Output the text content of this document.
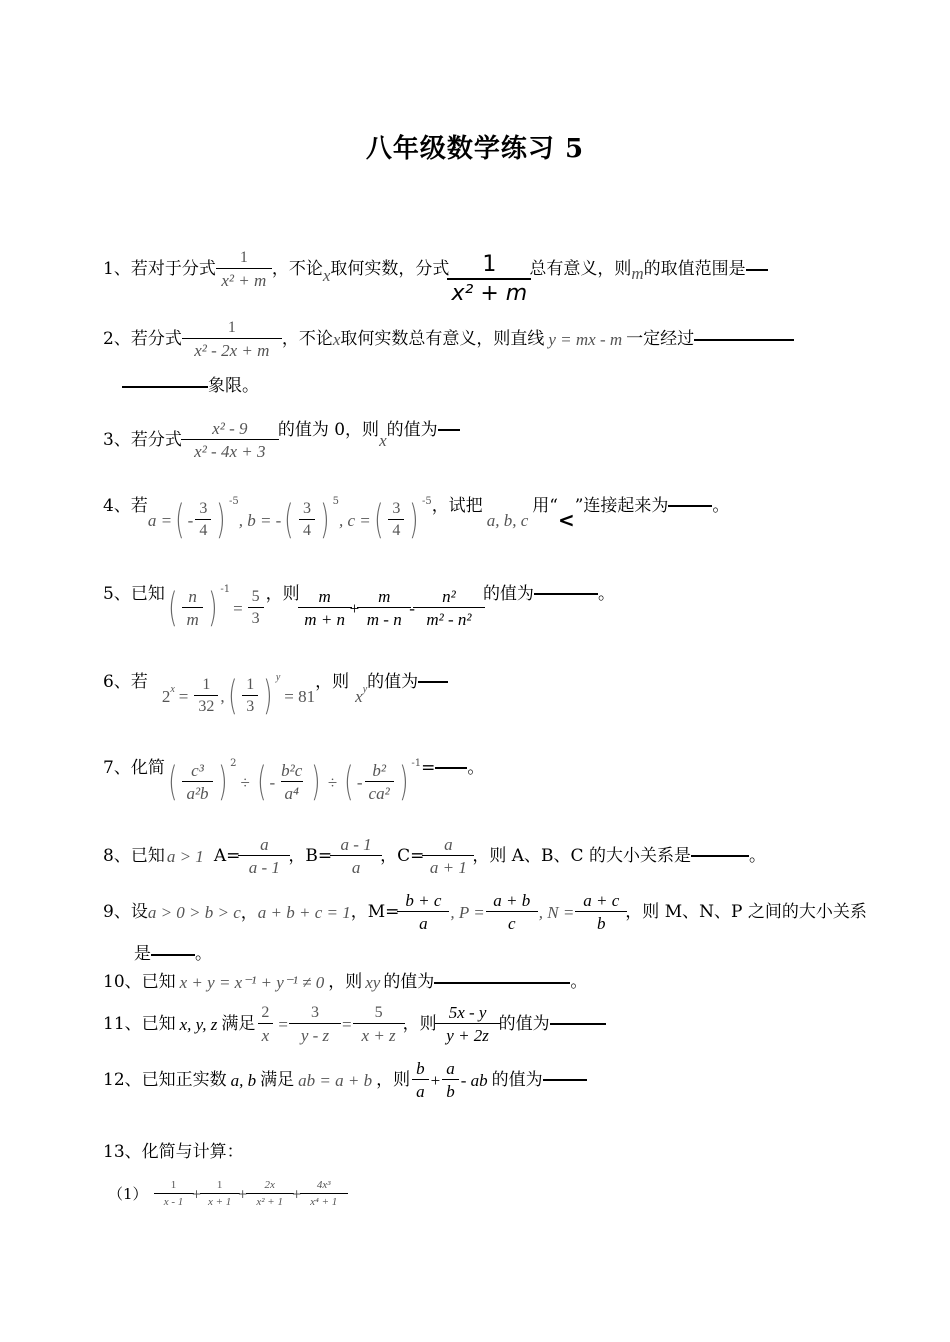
八年级数学练习 5
1、若对于分式 $\frac{1}{\text{x² + m}}$ ，不论 x 取何实数，分式 $\frac{1}{\text{x² + m}}$ 总有意义，则 m 的取值范围是
2、若分式 $\frac{1}{\text{x² - 2x + m}}$ ，不论 x 取何实数总有意义，则直线 y = mx - m 一定经过
象限。
3、若分式 $\frac{\text{x² - 9}}{\text{x² - 4x + 3}}$ 的值为 0，则
x
的值为
4、若
a = ( - $\frac{3}{4}$ ) -5
, b = - ( $\frac{3}{4}$ ) 5
, c = ( $\frac{3}{4}$ ) -5 ，试把
a, b, c
用“
<
”连接起来为	。
5、已知 ( $\frac{n}{m}$ ) -1
= $\frac{5}{3}$ ，则 $\frac{m}{m + n} + \frac{m}{m - n} - \frac{\text{n²}}{\text{m² - n²}}$ 的值为	。
6、若
2 $x = \frac{1}{32}$ , ( $\frac{1}{3}$ ) y
= 81
，则
x y 的值为
7、化简 ( $\frac{\text{c³}}{\text{a²b}}$ ) 2
÷ ( - $\frac{\text{b²c}}{\text{a⁴}}$ ) ÷ ( - $\frac{\text{b²}}{\text{ca²}}$ ) -1 = 。
8、已知 a > 1 $A= \frac{a}{a - 1}$ ，$B= \frac{a - 1}{a}$ ，$C= \frac{a}{a + 1}$ ，则 A、B、C 的大小关系是	。
9、设 a > 0 > b > c ， a + b + c = 1 ，$M= \frac{b + c}{a}$ , $P = \frac{a + b}{c}$ , $N = \frac{a + c}{b}$ ，则 M、N、P 之间的大小关系
是	。
10、已知 x + y = x⁻¹ + y⁻¹ ≠ 0 ，则 xy 的值为	。
11、已知 x, y, z 满足 $\frac{2}{x} = \frac{3}{y - z} = \frac{5}{x + z}$ ，则 $\frac{5x - y}{y + 2z}$ 的值为
12、已知正实数 a, b 满足 ab = a + b ，则 $\frac{b}{a} + \frac{a}{b}$ - ab 的值为
13、化简与计算：
$(1) \frac{1}{x - 1} + \frac{1}{x + 1} + \frac{2x}{\text{x² + 1}} + \frac{\text{4x³}}{\text{x⁴ + 1}}$
